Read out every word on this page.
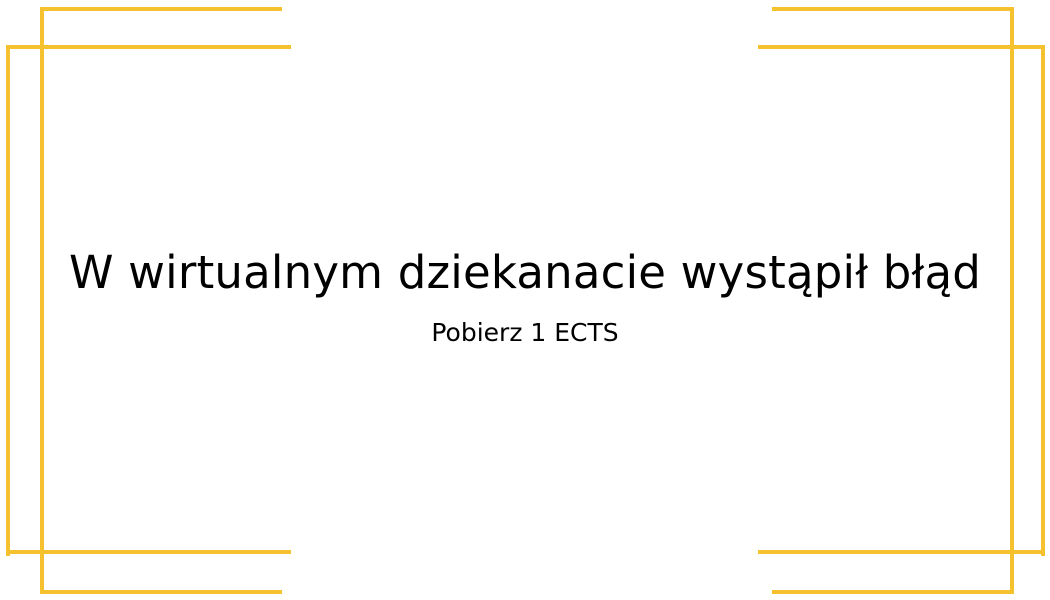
W wirtualnym dziekanacie wystąpił błąd
Pobierz 1 ECTS
